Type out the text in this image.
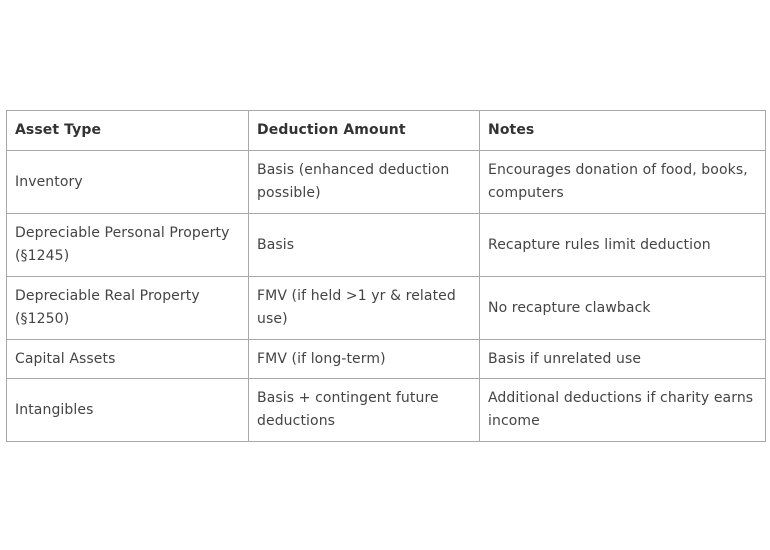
Asset Type	Deduction Amount	Notes
Inventory	Basis (enhanced deduction possible)	Encourages donation of food, books, computers
Depreciable Personal Property (§1245)	Basis	Recapture rules limit deduction
Depreciable Real Property (§1250)	FMV (if held >1 yr & related use)	No recapture clawback
Capital Assets	FMV (if long-term)	Basis if unrelated use
Intangibles	Basis + contingent future deductions	Additional deductions if charity earns income
